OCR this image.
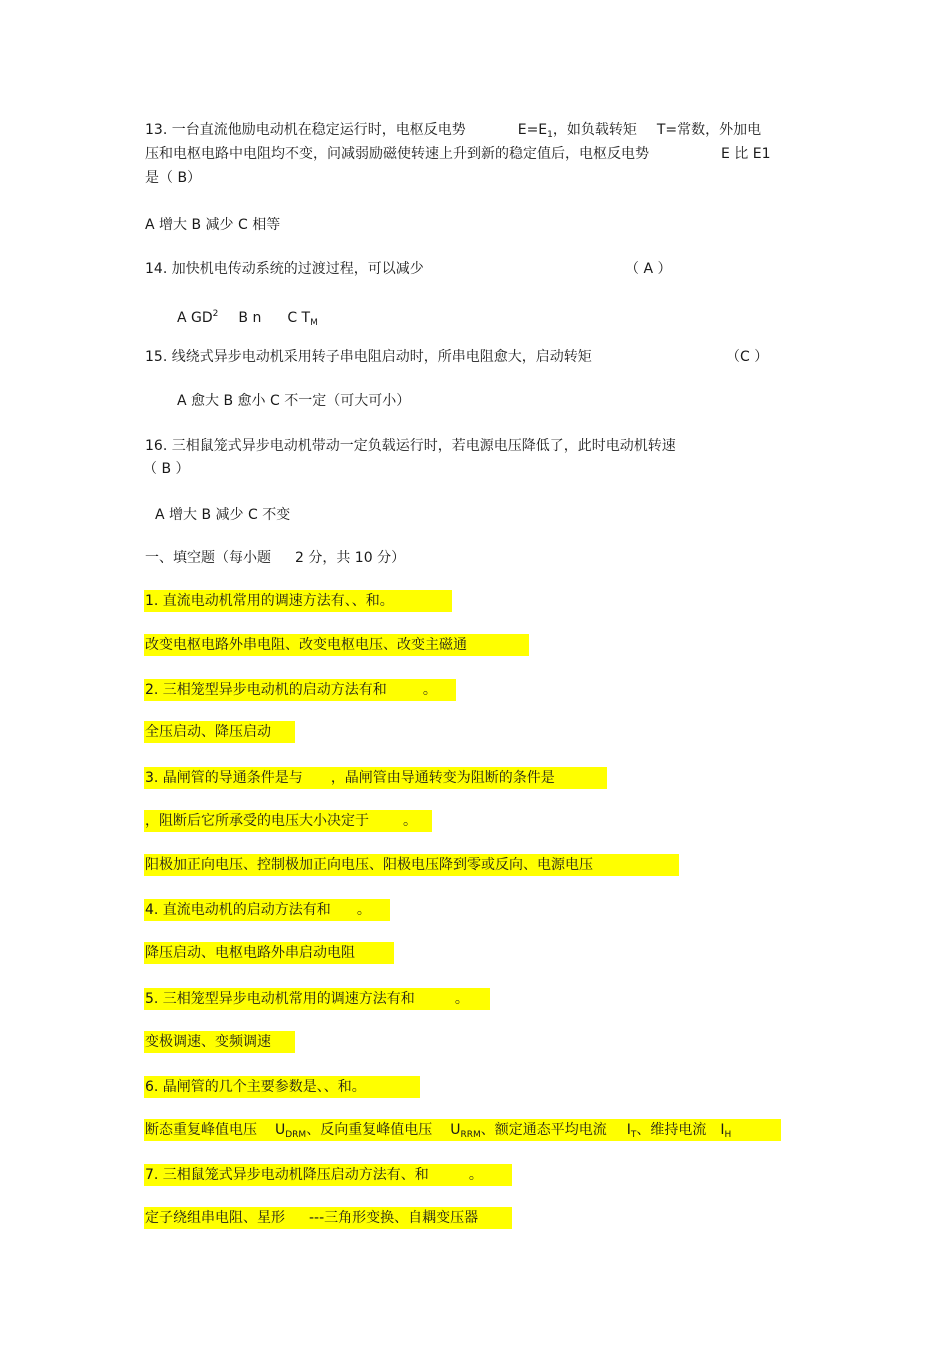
13. 一台直流他励电动机在稳定运行时，电枢反电势	$E=E_1$，如负载转矩 T=常数，外加电
压和电枢电路中电阻均不变，问减弱励磁使转速上升到新的稳定值后，电枢反电势	E 比 E1
是（ B）
A 增大 B 减少 C 相等
14. 加快机电传动系统的过渡过程，可以减少	（ A ）
A $GD^2$ B n C $T_M$
15. 线绕式异步电动机采用转子串电阻启动时，所串电阻愈大，启动转矩	（C ）
A 愈大 B 愈小 C 不一定（可大可小）
16. 三相鼠笼式异步电动机带动一定负载运行时，若电源电压降低了，此时电动机转速
（ B ）
A 增大 B 减少 C 不变
一、填空题（每小题 2 分，共 10 分）
1. 直流电动机常用的调速方法有、、和。
改变电枢电路外串电阻、改变电枢电压、改变主磁通
2. 三相笼型异步电动机的启动方法有和	。
全压启动、降压启动
3. 晶闸管的导通条件是与 ，晶闸管由导通转变为阻断的条件是
，阻断后它所承受的电压大小决定于 。
阳极加正向电压、控制极加正向电压、阳极电压降到零或反向、电源电压
4. 直流电动机的启动方法有和 。
降压启动、电枢电路外串启动电阻
5. 三相笼型异步电动机常用的调速方法有和	。
变极调速、变频调速
6. 晶闸管的几个主要参数是、、和。
断态重复峰值电压 $U_{DRM}$、反向重复峰值电压 $U_{RRM}$、额定通态平均电流 $I_T$、维持电流 $I_H$
7. 三相鼠笼式异步电动机降压启动方法有、和	。
定子绕组串电阻、星形 ---三角形变换、自耦变压器
